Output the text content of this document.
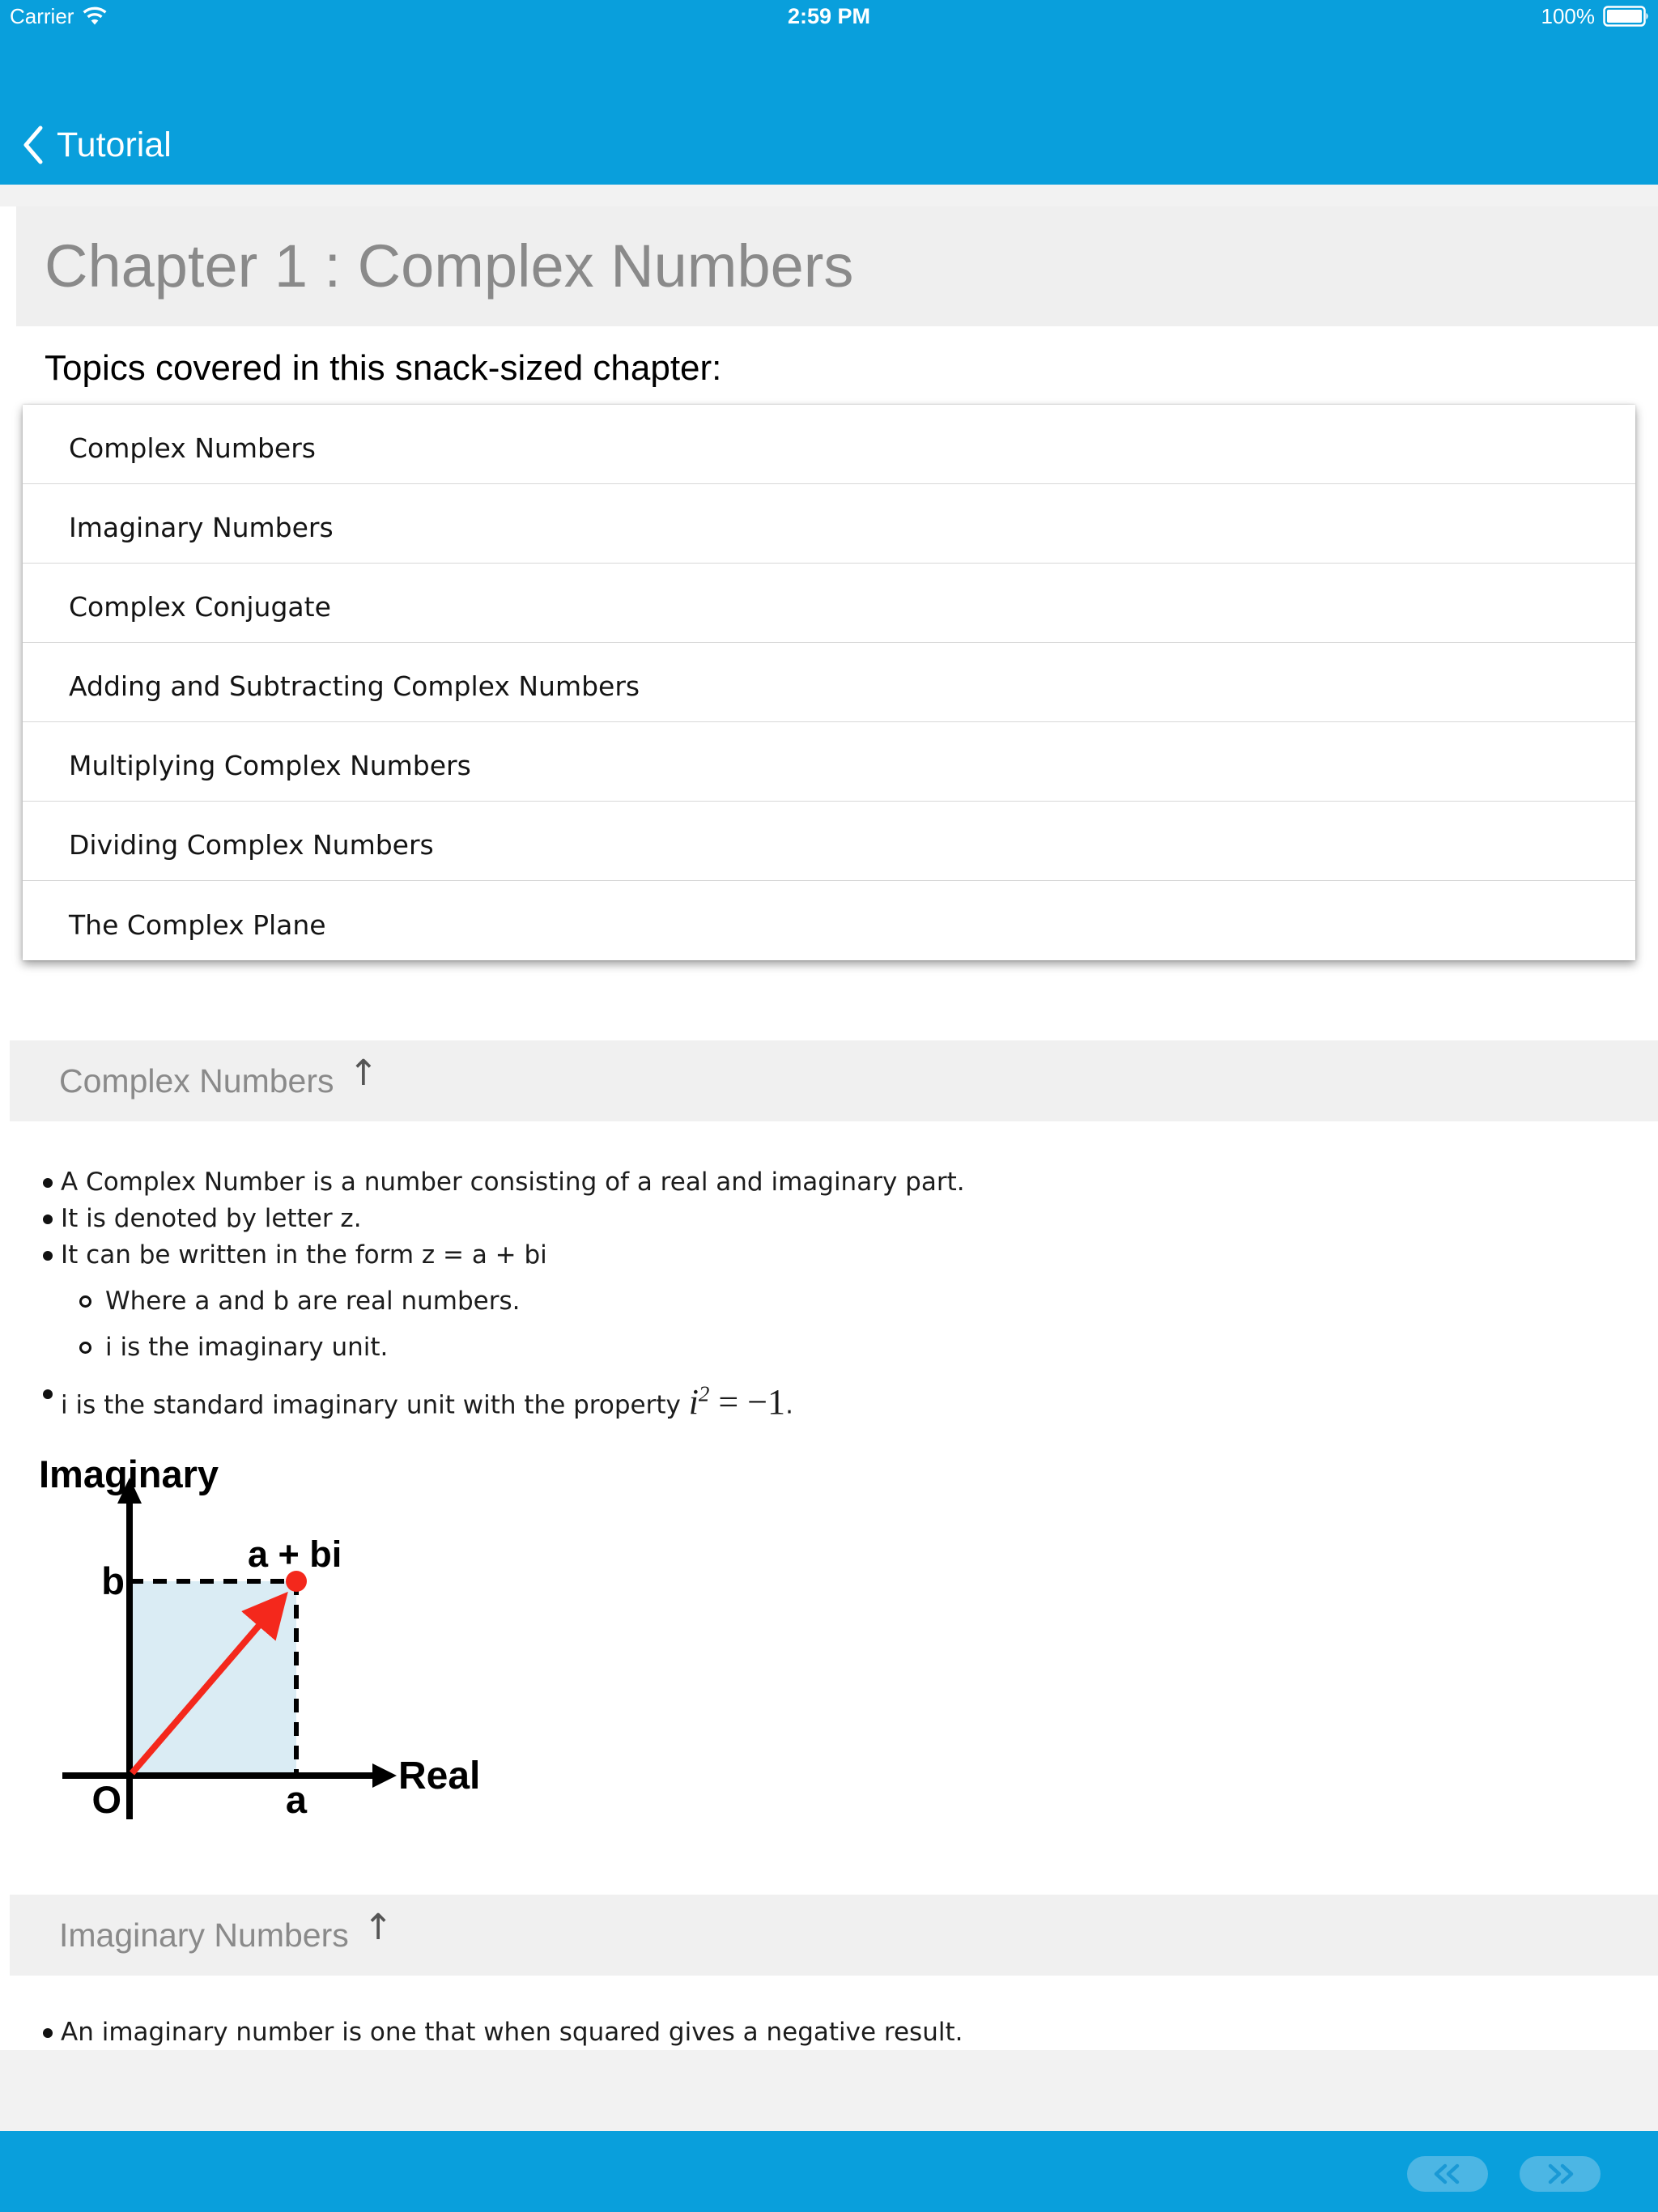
Carrier	2:59 PM	100%
Tutorial
Chapter 1 : Complex Numbers
Topics covered in this snack-sized chapter:
Complex Numbers
Imaginary Numbers
Complex Conjugate
Adding and Subtracting Complex Numbers
Multiplying Complex Numbers
Dividing Complex Numbers
The Complex Plane
Complex Numbers ↑
A Complex Number is a number consisting of a real and imaginary part.
It is denoted by letter z.
It can be written in the form z = a + bi
Where a and b are real numbers.
i is the imaginary unit.
i is the standard imaginary unit with the property $i^2 = -1$.
Imaginary
Real
b
O	a
a + bi
Imaginary Numbers ↑
An imaginary number is one that when squared gives a negative result.
